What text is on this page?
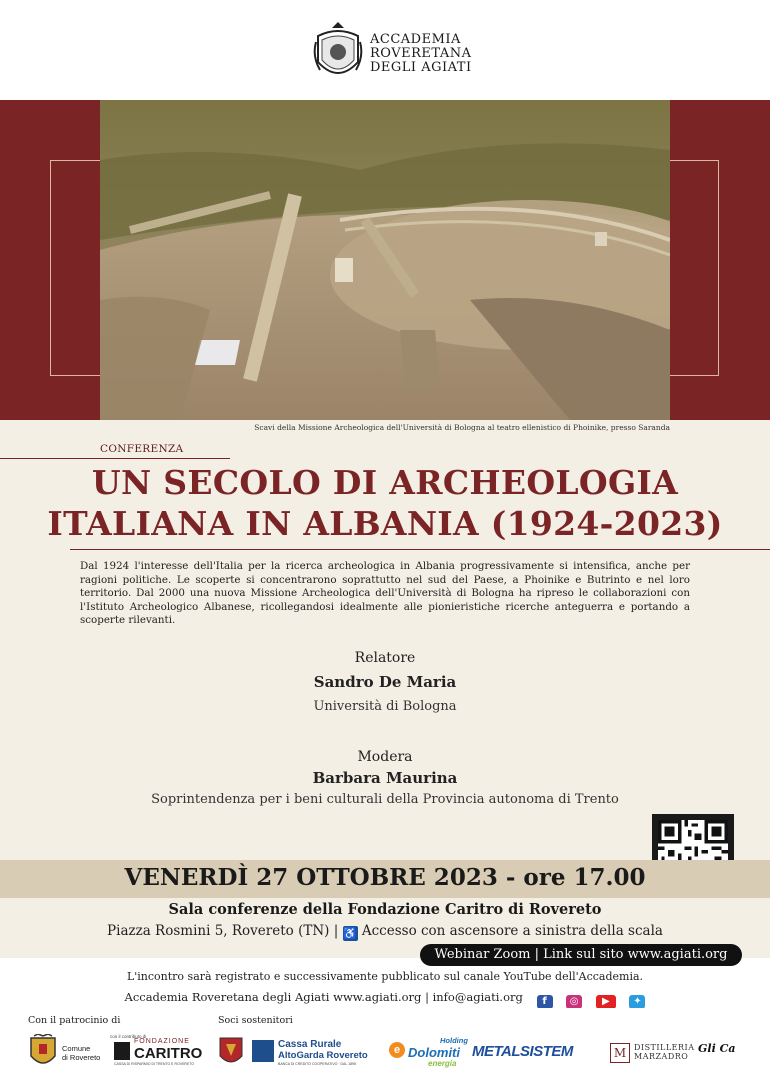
ACCADEMIA
ROVERETANA
DEGLI AGIATI
Scavi della Missione Archeologica dell'Università di Bologna al teatro ellenistico di Phoinike, presso Saranda
CONFERENZA
UN SECOLO DI ARCHEOLOGIA
ITALIANA IN ALBANIA (1924-2023)
Dal 1924 l'interesse dell'Italia per la ricerca archeologica in Albania progressivamente si intensifica, anche per ragioni politiche. Le scoperte si concentrarono soprattutto nel sud del Paese, a Phoinike e Butrinto e nel loro territorio. Dal 2000 una nuova Missione Archeologica dell'Università di Bologna ha ripreso le collaborazioni con l'Istituto Archeologico Albanese, ricollegandosi idealmente alle pionieristiche ricerche anteguerra e portando a scoperte rilevanti.
Relatore
Sandro De Maria
Università di Bologna
Modera
Barbara Maurina
Soprintendenza per i beni culturali della Provincia autonoma di Trento
VENERDÌ 27 OTTOBRE 2023 - ore 17.00
Sala conferenze della Fondazione Caritro di Rovereto
Piazza Rosmini 5, Rovereto (TN) | ♿ Accesso con ascensore a sinistra della scala
Webinar Zoom | Link sul sito www.agiati.org
L'incontro sarà registrato e successivamente pubblicato sul canale YouTube dell'Accademia.
Accademia Roveretana degli Agiati www.agiati.org | info@agiati.org f ◎ ▶ ✦
Con il patrocinio di	Soci sostenitori
Comune
di Rovereto
con il contributo di
FONDAZIONE
CARITRO
CASSA DI RISPARMIO DI TRENTO E ROVERETO
Cassa Rurale
AltoGarda Rovereto
BANCA DI CREDITO COOPERATIVO · DAL 1895
e
Holding
Dolomiti
energia
METALSISTEM	M DISTILLERIA
MARZADRO
Gli Ca
